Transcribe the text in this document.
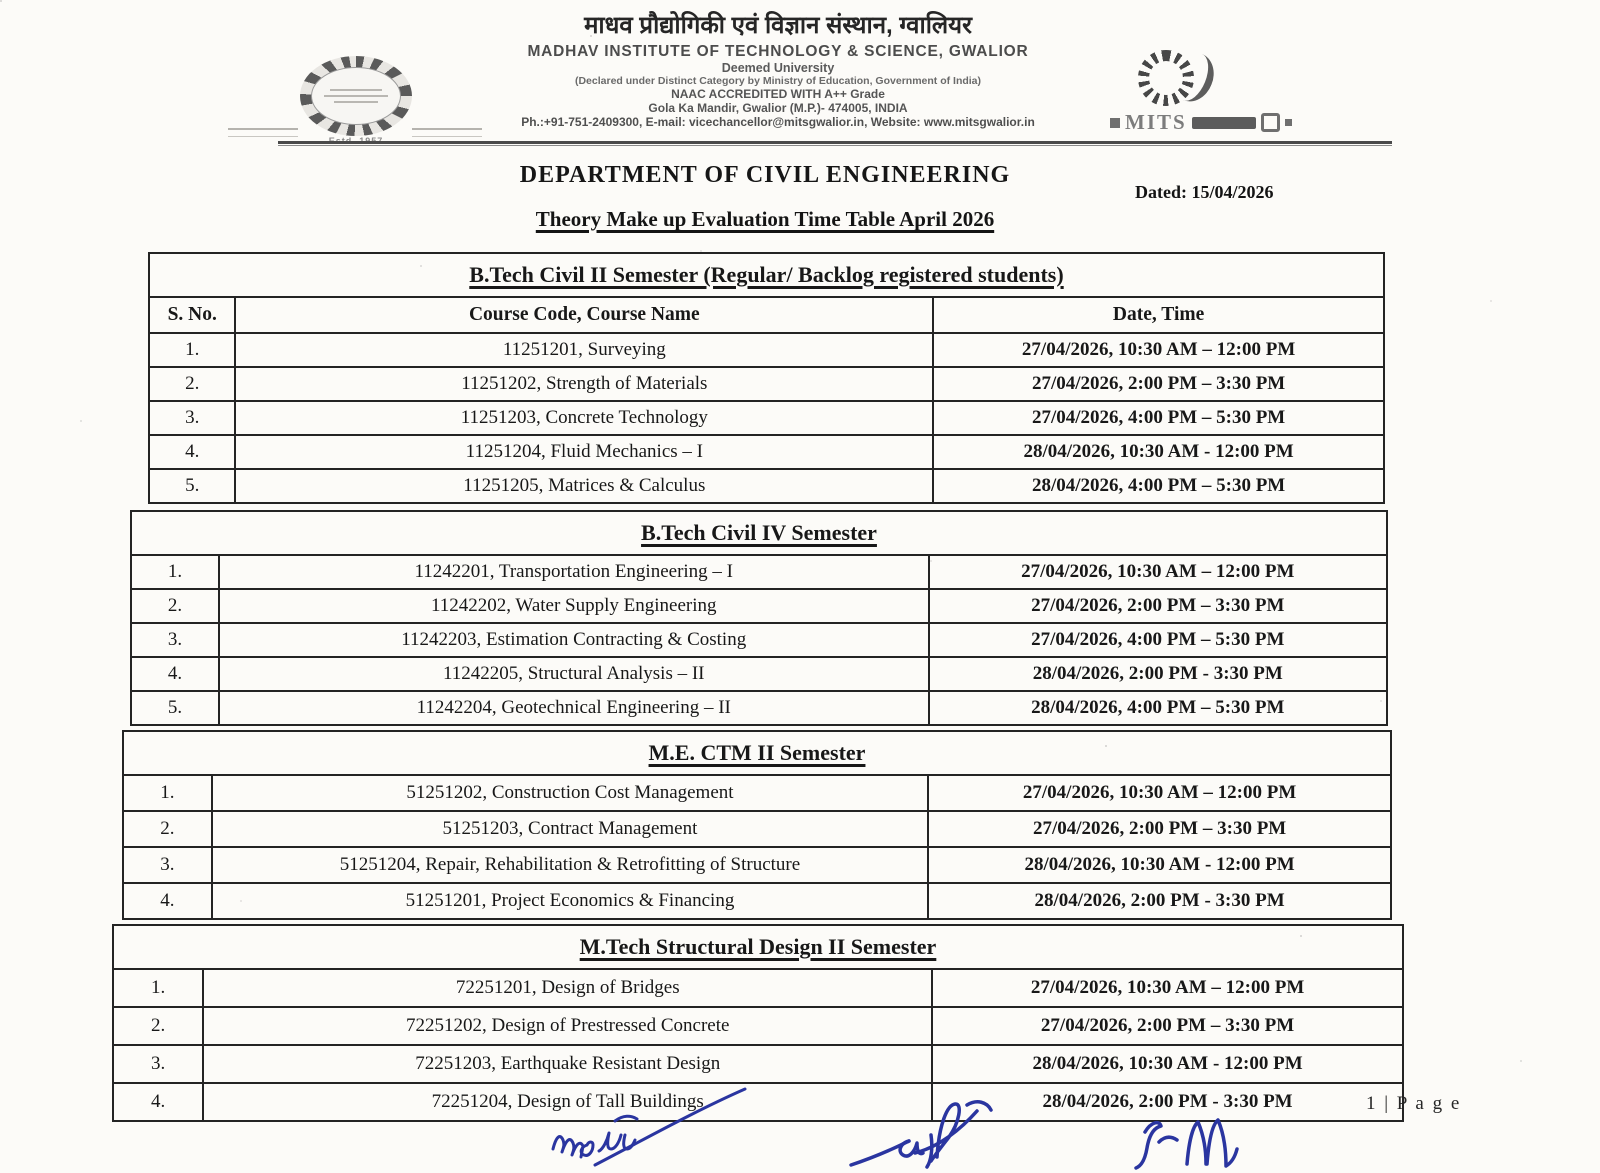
Estd. 1957
माधव प्रौद्योगिकी एवं विज्ञान संस्थान, ग्वालियर
MADHAV INSTITUTE OF TECHNOLOGY & SCIENCE, GWALIOR
Deemed University
(Declared under Distinct Category by Ministry of Education, Government of India)
NAAC ACCREDITED WITH A++ Grade
Gola Ka Mandir, Gwalior (M.P.)- 474005, INDIA
Ph.:+91-751-2409300, E-mail: vicechancellor@mitsgwalior.in, Website: www.mitsgwalior.in	MITS
DEPARTMENT OF CIVIL ENGINEERING
Dated: 15/04/2026
Theory Make up Evaluation Time Table April 2026
B.Tech Civil II Semester (Regular/ Backlog registered students)		
S. No.	Course Code, Course Name	Date, Time
1.	11251201, Surveying	27/04/2026, 10:30 AM – 12:00 PM
2.	11251202, Strength of Materials	27/04/2026, 2:00 PM – 3:30 PM
3.	11251203, Concrete Technology	27/04/2026, 4:00 PM – 5:30 PM
4.	11251204, Fluid Mechanics – I	28/04/2026, 10:30 AM - 12:00 PM
5.	11251205, Matrices & Calculus	28/04/2026, 4:00 PM – 5:30 PM
B.Tech Civil IV Semester		
1.	11242201, Transportation Engineering – I	27/04/2026, 10:30 AM – 12:00 PM
2.	11242202, Water Supply Engineering	27/04/2026, 2:00 PM – 3:30 PM
3.	11242203, Estimation Contracting & Costing	27/04/2026, 4:00 PM – 5:30 PM
4.	11242205, Structural Analysis – II	28/04/2026, 2:00 PM - 3:30 PM
5.	11242204, Geotechnical Engineering – II	28/04/2026, 4:00 PM – 5:30 PM
M.E. CTM II Semester		
1.	51251202, Construction Cost Management	27/04/2026, 10:30 AM – 12:00 PM
2.	51251203, Contract Management	27/04/2026, 2:00 PM – 3:30 PM
3.	51251204, Repair, Rehabilitation & Retrofitting of Structure	28/04/2026, 10:30 AM - 12:00 PM
4.	51251201, Project Economics & Financing	28/04/2026, 2:00 PM - 3:30 PM
M.Tech Structural Design II Semester		
1.	72251201, Design of Bridges	27/04/2026, 10:30 AM – 12:00 PM
2.	72251202, Design of Prestressed Concrete	27/04/2026, 2:00 PM – 3:30 PM
3.	72251203, Earthquake Resistant Design	28/04/2026, 10:30 AM - 12:00 PM
4.	72251204, Design of Tall Buildings	28/04/2026, 2:00 PM - 3:30 PM	1 | P a g e
